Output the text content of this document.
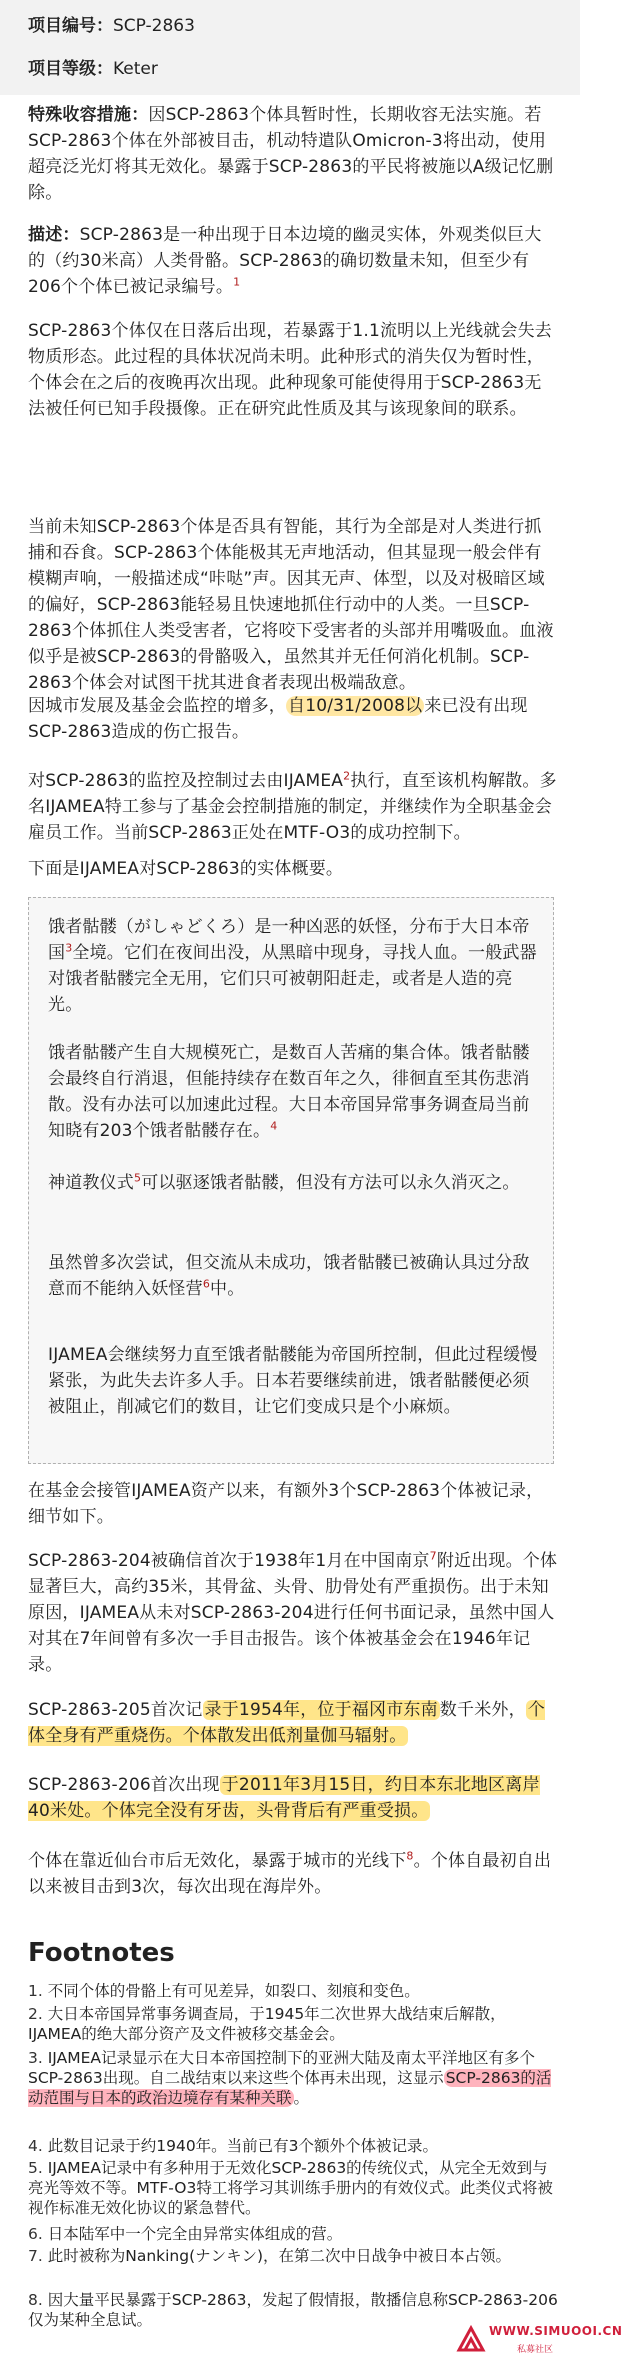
项目编号：SCP-2863
项目等级：Keter
特殊收容措施：因SCP-2863个体具暂时性，长期收容无法实施。若SCP-2863个体在外部被目击，机动特遣队Omicron-3将出动，使用超亮泛光灯将其无效化。暴露于SCP-2863的平民将被施以A级记忆删除。
描述：SCP-2863是一种出现于日本边境的幽灵实体，外观类似巨大的（约30米高）人类骨骼。SCP-2863的确切数量未知，但至少有206个个体已被记录编号。$^1$
SCP-2863个体仅在日落后出现，若暴露于1.1流明以上光线就会失去物质形态。此过程的具体状况尚未明。此种形式的消失仅为暂时性，个体会在之后的夜晚再次出现。此种现象可能使得用于SCP-2863无法被任何已知手段摄像。正在研究此性质及其与该现象间的联系。
当前未知SCP-2863个体是否具有智能，其行为全部是对人类进行抓捕和吞食。SCP-2863个体能极其无声地活动，但其显现一般会伴有模糊声响，一般描述成“咔哒”声。因其无声、体型，以及对极暗区域的偏好，SCP-2863能轻易且快速地抓住行动中的人类。一旦SCP-2863个体抓住人类受害者，它将咬下受害者的头部并用嘴吸血。血液似乎是被SCP-2863的骨骼吸入，虽然其并无任何消化机制。SCP-2863个体会对试图干扰其进食者表现出极端敌意。
因城市发展及基金会监控的增多， 自10/31/2008以 来已没有出现SCP-2863造成的伤亡报告。
对SCP-2863的监控及控制过去由IJAMEA$^2$执行，直至该机构解散。多名IJAMEA特工参与了基金会控制措施的制定，并继续作为全职基金会雇员工作。当前SCP-2863正处在MTF-O3的成功控制下。
下面是IJAMEA对SCP-2863的实体概要。
饿者骷髅（がしゃどくろ）是一种凶恶的妖怪，分布于大日本帝国$^3$全境。它们在夜间出没，从黑暗中现身，寻找人血。一般武器对饿者骷髅完全无用，它们只可被朝阳赶走，或者是人造的亮光。
饿者骷髅产生自大规模死亡，是数百人苦痛的集合体。饿者骷髅会最终自行消退，但能持续存在数百年之久，徘徊直至其伤悲消散。没有办法可以加速此过程。大日本帝国异常事务调查局当前知晓有203个饿者骷髅存在。$^4$
神道教仪式$^5$可以驱逐饿者骷髅，但没有方法可以永久消灭之。
虽然曾多次尝试，但交流从未成功，饿者骷髅已被确认具过分敌意而不能纳入妖怪营$^6$中。
IJAMEA会继续努力直至饿者骷髅能为帝国所控制，但此过程缓慢紧张，为此失去许多人手。日本若要继续前进，饿者骷髅便必须被阻止，削减它们的数目，让它们变成只是个小麻烦。
在基金会接管IJAMEA资产以来，有额外3个SCP-2863个体被记录，细节如下。
SCP-2863-204被确信首次于1938年1月在中国南京$^7$附近出现。个体显著巨大，高约35米，其骨盆、头骨、肋骨处有严重损伤。出于未知原因，IJAMEA从未对SCP-2863-204进行任何书面记录，虽然中国人对其在7年间曾有多次一手目击报告。该个体被基金会在1946年记录。
SCP-2863-205首次记 录于1954年，位于福冈市东南 数千米外， 个体全身有严重烧伤。个体散发出低剂量伽马辐射。
SCP-2863-206首次出现 于2011年3月15日，约日本东北地区离岸40米处。个体完全没有牙齿，头骨背后有严重受损。
个体在靠近仙台市后无效化，暴露于城市的光线下$^8$。个体自最初自出以来被目击到3次，每次出现在海岸外。
Footnotes
1. 不同个体的骨骼上有可见差异，如裂口、刻痕和变色。
2. 大日本帝国异常事务调查局，于1945年二次世界大战结束后解散，IJAMEA的绝大部分资产及文件被移交基金会。
3. IJAMEA记录显示在大日本帝国控制下的亚洲大陆及南太平洋地区有多个SCP-2863出现。自二战结束以来这些个体再未出现，这显示 SCP-2863的活动范围与日本的政治边境存有某种关联 。
4. 此数目记录于约1940年。当前已有3个额外个体被记录。
5. IJAMEA记录中有多种用于无效化SCP-2863的传统仪式，从完全无效到与亮光等效不等。MTF-O3特工将学习其训练手册内的有效仪式。此类仪式将被视作标准无效化协议的紧急替代。
6. 日本陆军中一个完全由异常实体组成的营。
7. 此时被称为Nanking(ナンキン)，在第二次中日战争中被日本占领。
8. 因大量平民暴露于SCP-2863，发起了假情报，散播信息称SCP-2863-206仅为某种全息试。
WWW.SIMUOOI.CN
私募社区
